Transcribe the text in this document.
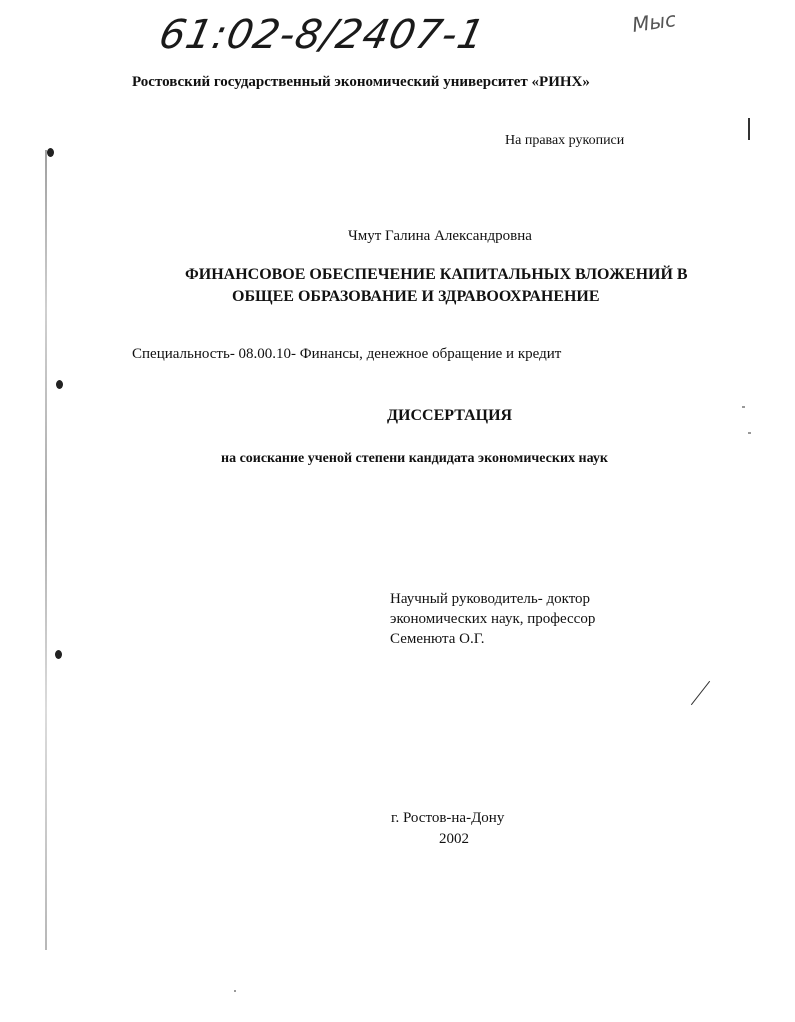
61:02-8/2407-1	Мыс
Ростовский государственный экономический университет «РИНХ»
На правах рукописи
Чмут Галина Александровна
ФИНАНСОВОЕ ОБЕСПЕЧЕНИЕ КАПИТАЛЬНЫХ ВЛОЖЕНИЙ В
ОБЩЕЕ ОБРАЗОВАНИЕ И ЗДРАВООХРАНЕНИЕ
Специальность- 08.00.10- Финансы, денежное обращение и кредит
ДИССЕРТАЦИЯ
на соискание ученой степени кандидата экономических наук
Научный руководитель- доктор
экономических наук, профессор
Семенюта О.Г.
г. Ростов-на-Дону
2002
